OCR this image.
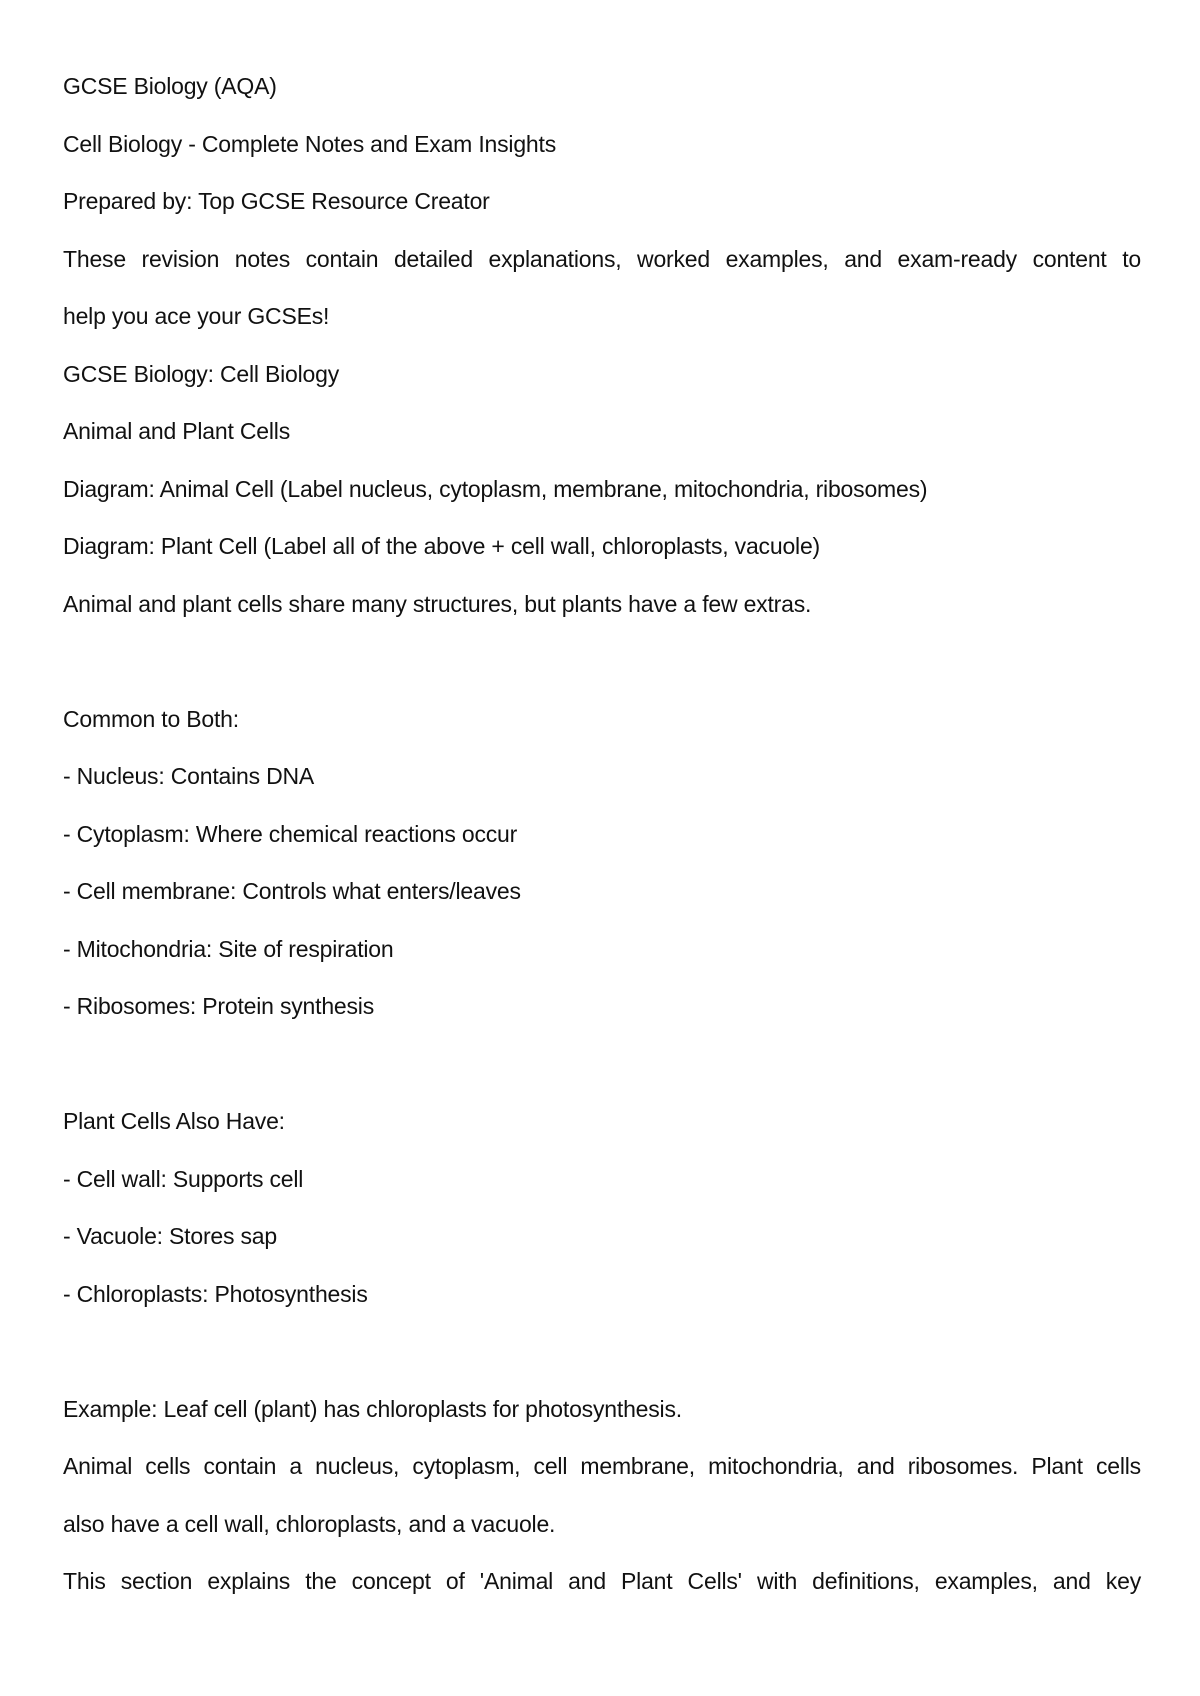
GCSE Biology (AQA)

Cell Biology - Complete Notes and Exam Insights

Prepared by: Top GCSE Resource Creator

These revision notes contain detailed explanations, worked examples, and exam-ready content to

help you ace your GCSEs!

GCSE Biology: Cell Biology

Animal and Plant Cells

Diagram: Animal Cell (Label nucleus, cytoplasm, membrane, mitochondria, ribosomes)

Diagram: Plant Cell (Label all of the above + cell wall, chloroplasts, vacuole)

Animal and plant cells share many structures, but plants have a few extras.

Common to Both:

- Nucleus: Contains DNA

- Cytoplasm: Where chemical reactions occur

- Cell membrane: Controls what enters/leaves

- Mitochondria: Site of respiration

- Ribosomes: Protein synthesis

Plant Cells Also Have:

- Cell wall: Supports cell

- Vacuole: Stores sap

- Chloroplasts: Photosynthesis

Example: Leaf cell (plant) has chloroplasts for photosynthesis.

Animal cells contain a nucleus, cytoplasm, cell membrane, mitochondria, and ribosomes. Plant cells

also have a cell wall, chloroplasts, and a vacuole.

This section explains the concept of 'Animal and Plant Cells' with definitions, examples, and key
